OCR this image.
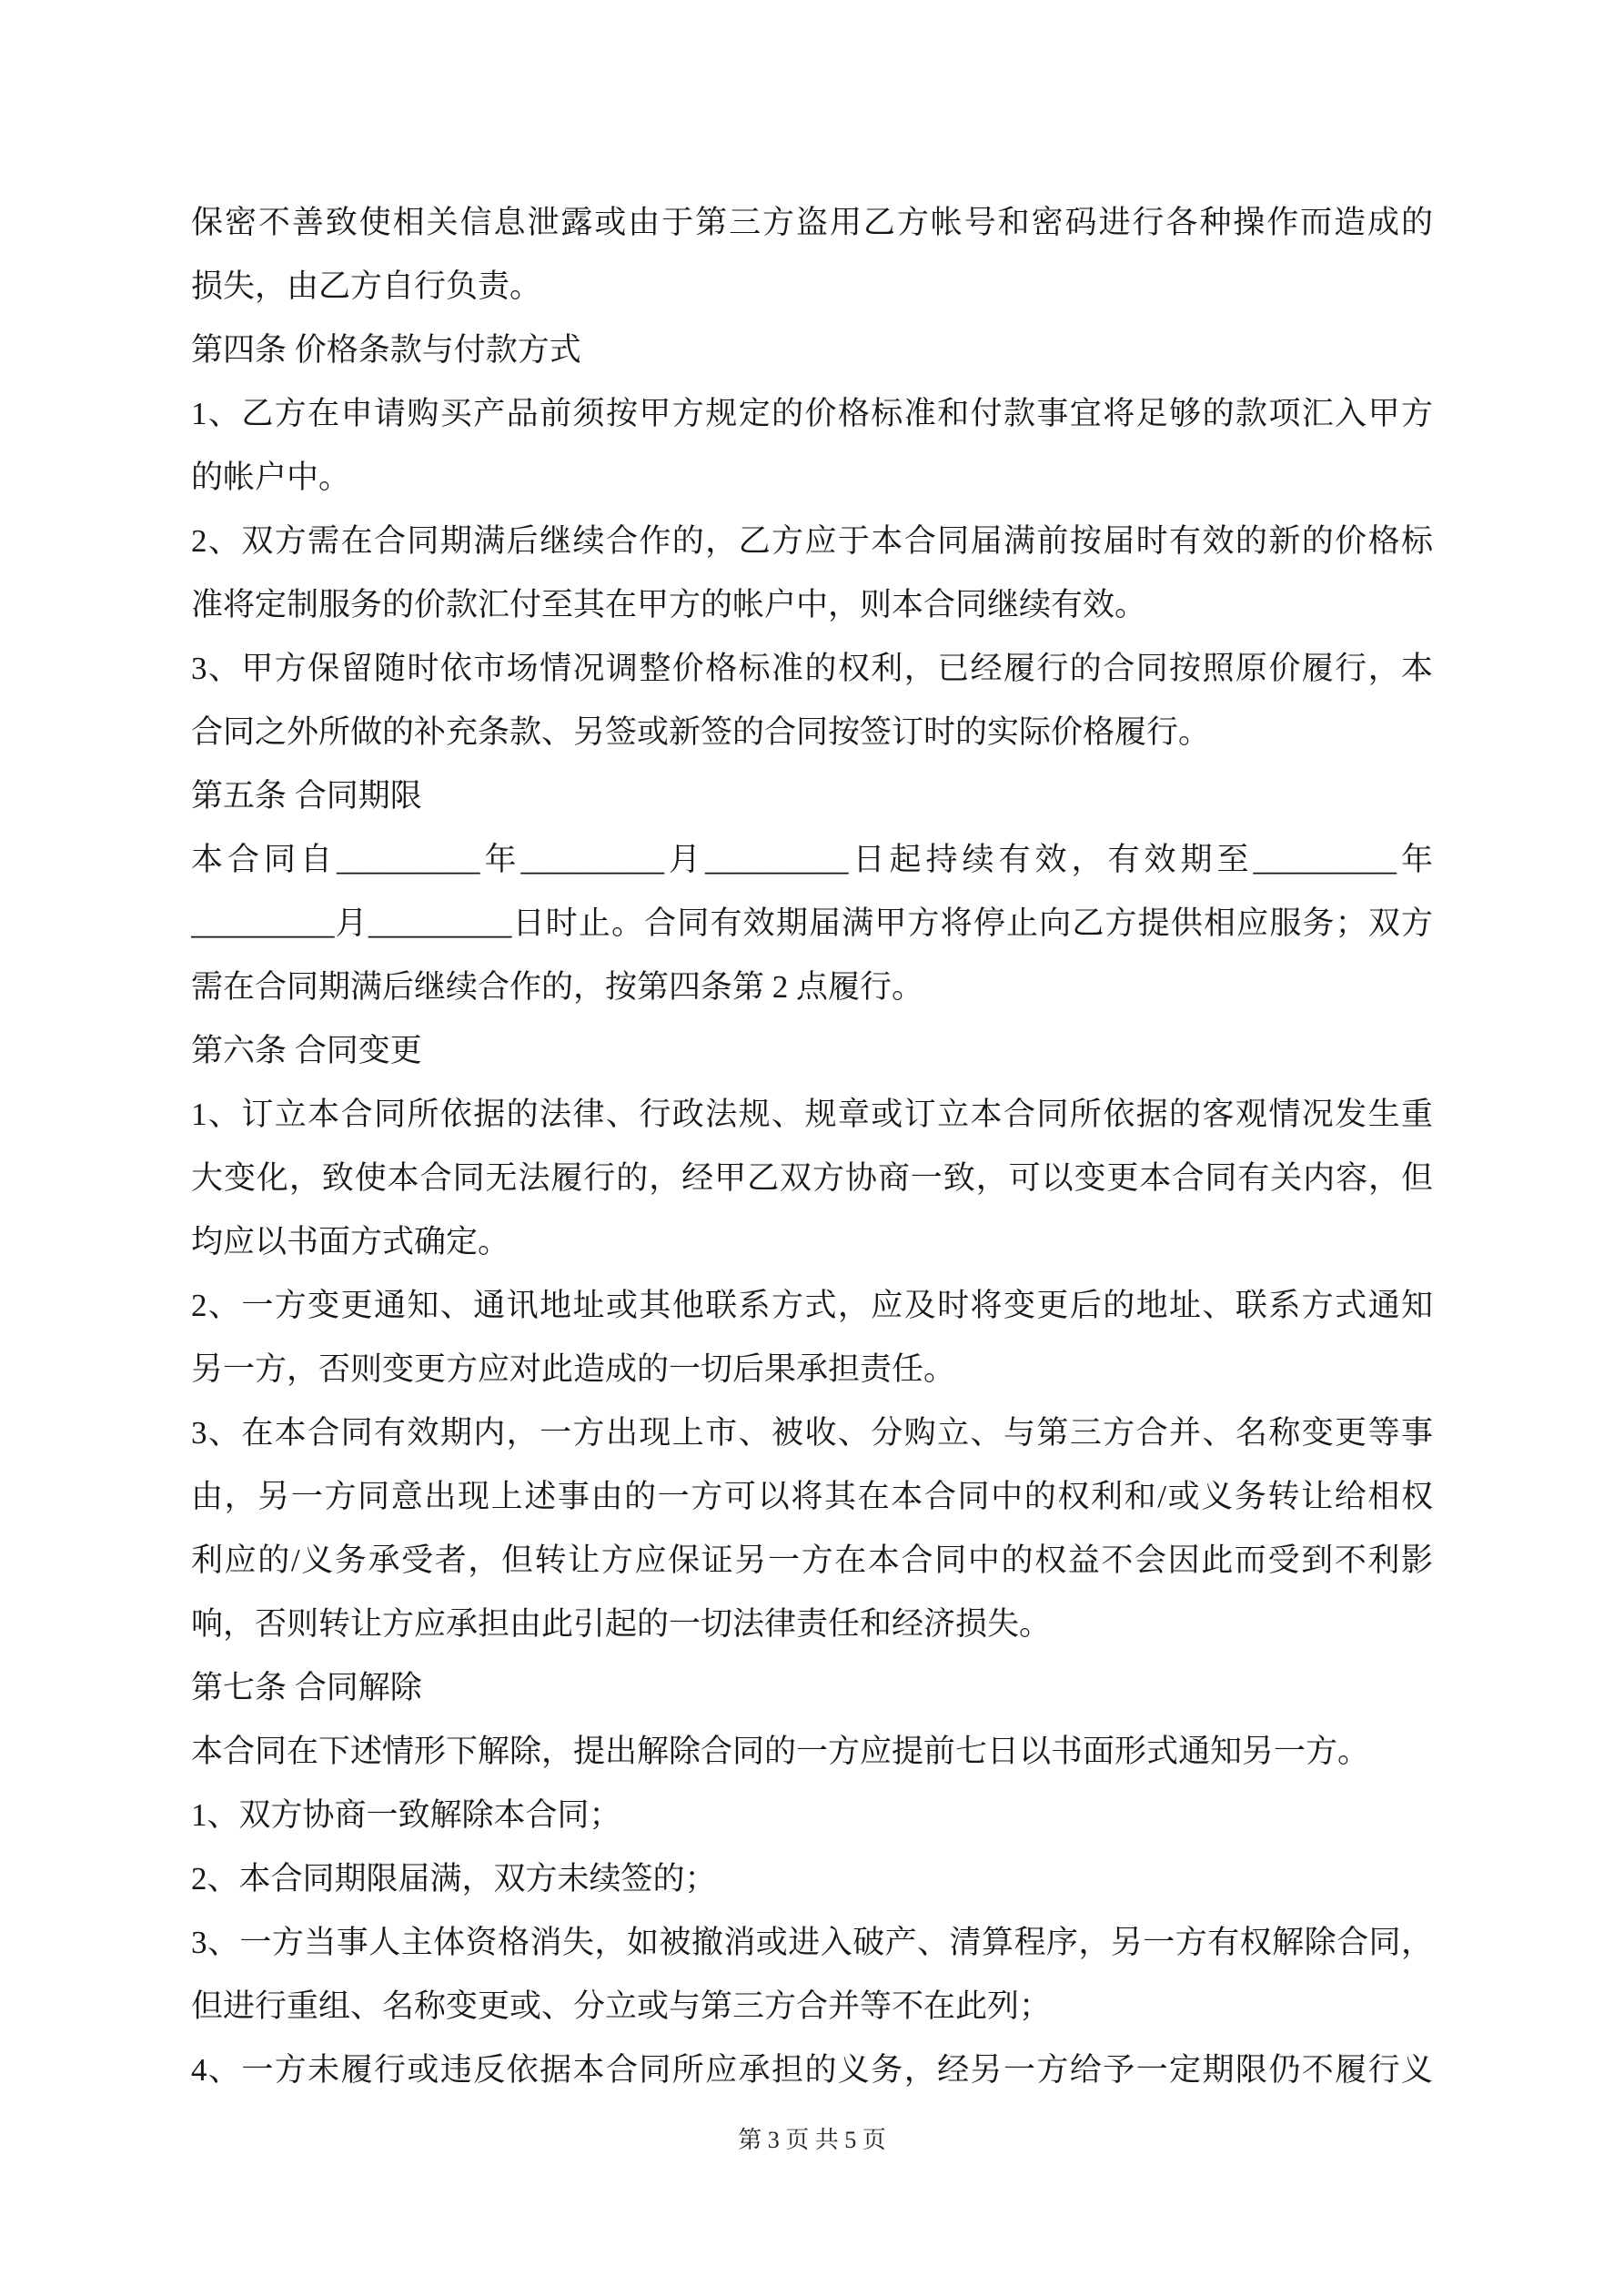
保密不善致使相关信息泄露或由于第三方盗用乙方帐号和密码进行各种操作而造成的
损失，由乙方自行负责。
第四条 价格条款与付款方式
1、乙方在申请购买产品前须按甲方规定的价格标准和付款事宜将足够的款项汇入甲方
的帐户中。
2、双方需在合同期满后继续合作的，乙方应于本合同届满前按届时有效的新的价格标
准将定制服务的价款汇付至其在甲方的帐户中，则本合同继续有效。
3、甲方保留随时依市场情况调整价格标准的权利，已经履行的合同按照原价履行，本
合同之外所做的补充条款、另签或新签的合同按签订时的实际价格履行。
第五条 合同期限
本合同自_________年_________月_________日起持续有效，有效期至_________年
_________月_________日时止。合同有效期届满甲方将停止向乙方提供相应服务；双方
需在合同期满后继续合作的，按第四条第 2 点履行。
第六条 合同变更
1、订立本合同所依据的法律、行政法规、规章或订立本合同所依据的客观情况发生重
大变化，致使本合同无法履行的，经甲乙双方协商一致，可以变更本合同有关内容，但
均应以书面方式确定。
2、一方变更通知、通讯地址或其他联系方式，应及时将变更后的地址、联系方式通知
另一方，否则变更方应对此造成的一切后果承担责任。
3、在本合同有效期内，一方出现上市、被收、分购立、与第三方合并、名称变更等事
由，另一方同意出现上述事由的一方可以将其在本合同中的权利和/或义务转让给相权
利应的/义务承受者，但转让方应保证另一方在本合同中的权益不会因此而受到不利影
响，否则转让方应承担由此引起的一切法律责任和经济损失。
第七条 合同解除
本合同在下述情形下解除，提出解除合同的一方应提前七日以书面形式通知另一方。
1、双方协商一致解除本合同；
2、本合同期限届满，双方未续签的；
3、一方当事人主体资格消失，如被撤消或进入破产、清算程序，另一方有权解除合同，
但进行重组、名称变更或、分立或与第三方合并等不在此列；
4、一方未履行或违反依据本合同所应承担的义务，经另一方给予一定期限仍不履行义
第 3 页 共 5 页
